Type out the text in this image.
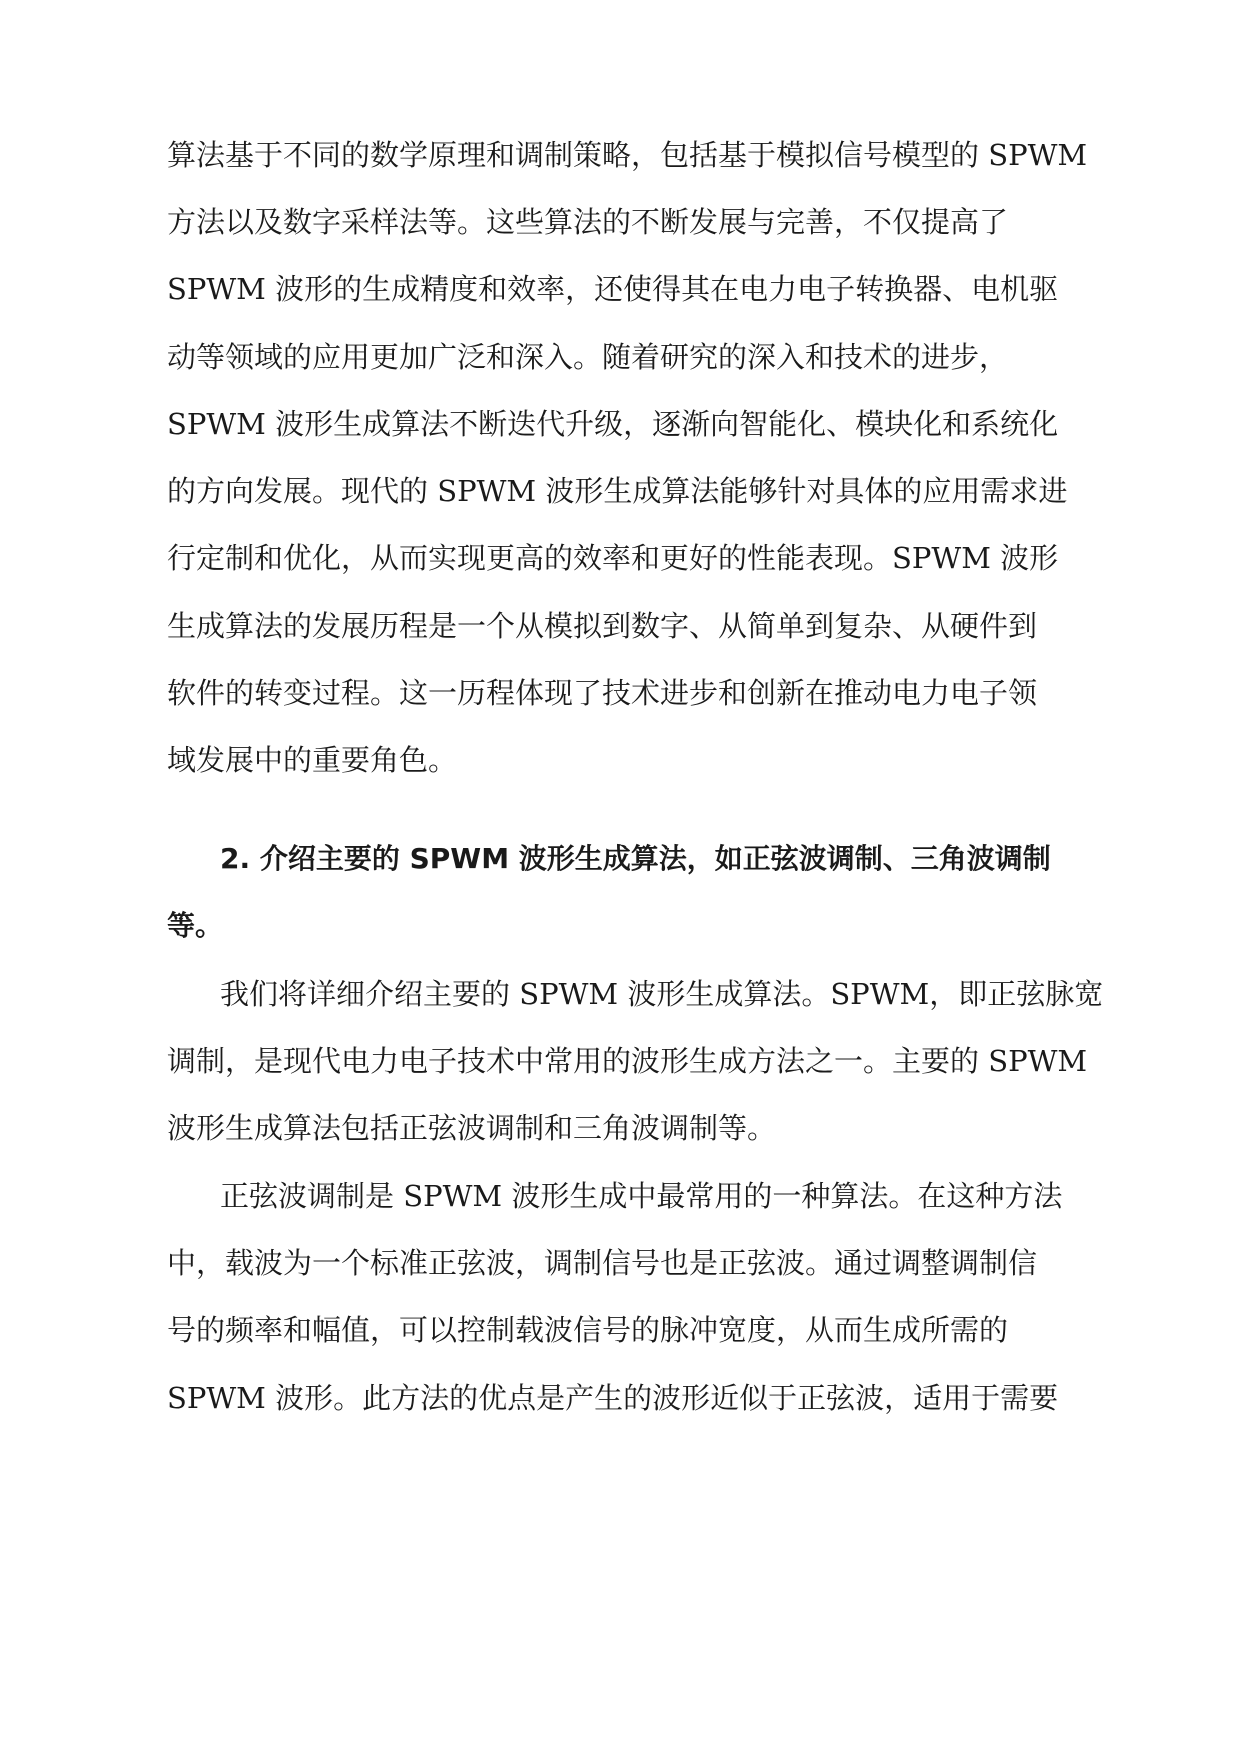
算法基于不同的数学原理和调制策略，包括基于模拟信号模型的 SPWM
方法以及数字采样法等。这些算法的不断发展与完善，不仅提高了
SPWM 波形的生成精度和效率，还使得其在电力电子转换器、电机驱
动等领域的应用更加广泛和深入。随着研究的深入和技术的进步，
SPWM 波形生成算法不断迭代升级，逐渐向智能化、模块化和系统化
的方向发展。现代的 SPWM 波形生成算法能够针对具体的应用需求进
行定制和优化，从而实现更高的效率和更好的性能表现。SPWM 波形
生成算法的发展历程是一个从模拟到数字、从简单到复杂、从硬件到
软件的转变过程。这一历程体现了技术进步和创新在推动电力电子领
域发展中的重要角色。
2. 介绍主要的 SPWM 波形生成算法，如正弦波调制、三角波调制
等。
我们将详细介绍主要的 SPWM 波形生成算法。SPWM，即正弦脉宽
调制，是现代电力电子技术中常用的波形生成方法之一。主要的 SPWM
波形生成算法包括正弦波调制和三角波调制等。
正弦波调制是 SPWM 波形生成中最常用的一种算法。在这种方法
中，载波为一个标准正弦波，调制信号也是正弦波。通过调整调制信
号的频率和幅值，可以控制载波信号的脉冲宽度，从而生成所需的
SPWM 波形。此方法的优点是产生的波形近似于正弦波，适用于需要
